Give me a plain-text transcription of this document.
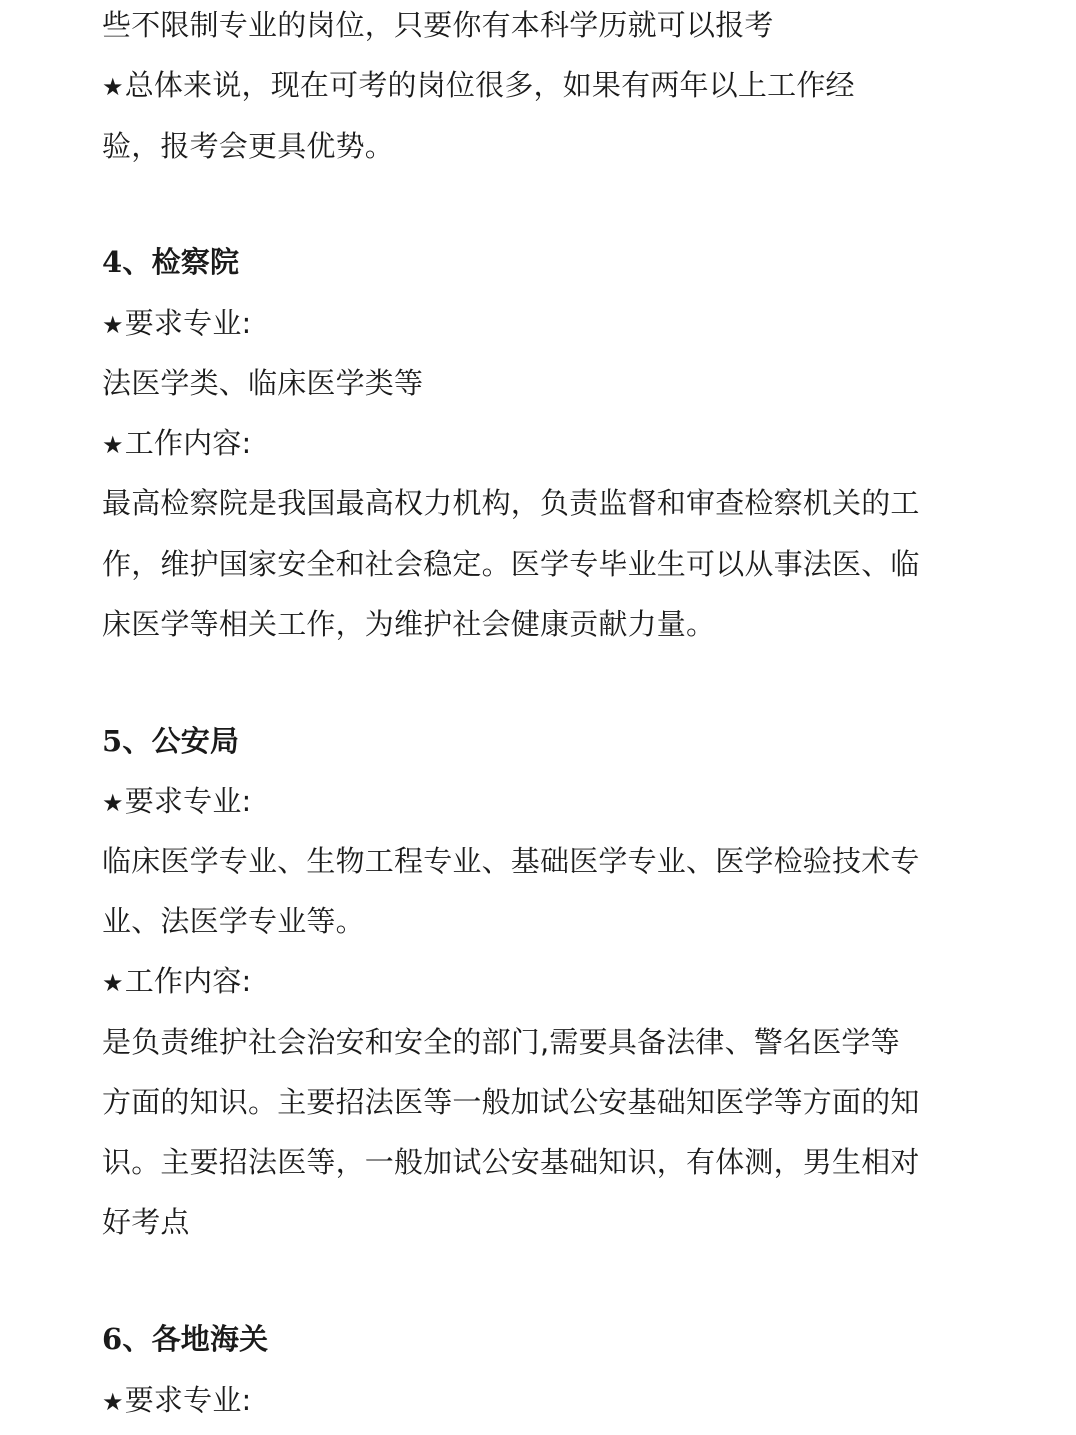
些不限制专业的岗位，只要你有本科学历就可以报考
★总体来说，现在可考的岗位很多，如果有两年以上工作经
验，报考会更具优势。
4、检察院
★要求专业:
法医学类、临床医学类等
★工作内容:
最高检察院是我国最高权力机构，负责监督和审查检察机关的工
作，维护国家安全和社会稳定。医学专毕业生可以从事法医、临
床医学等相关工作，为维护社会健康贡献力量。
5、公安局
★要求专业:
临床医学专业、生物工程专业、基础医学专业、医学检验技术专
业、法医学专业等。
★工作内容:
是负责维护社会治安和安全的部门,需要具备法律、警名医学等
方面的知识。主要招法医等一般加试公安基础知医学等方面的知
识。主要招法医等，一般加试公安基础知识，有体测，男生相对
好考点
6、各地海关
★要求专业:
